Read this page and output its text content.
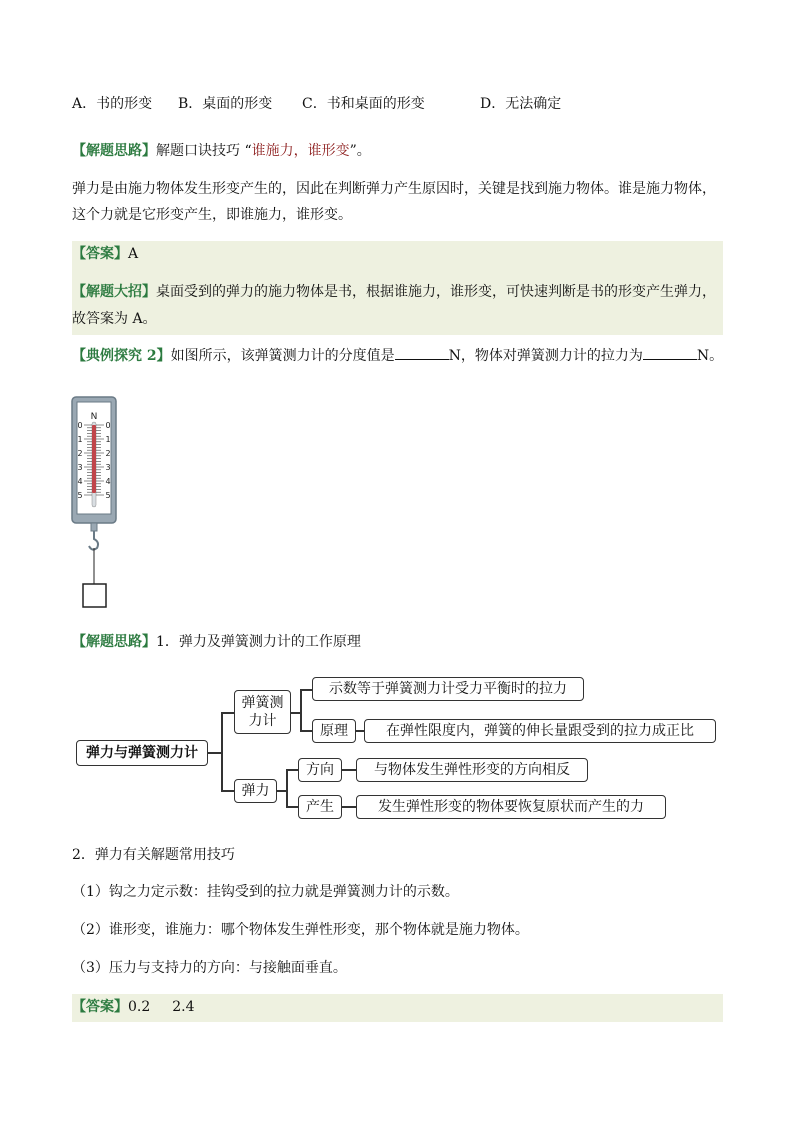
A．书的形变 B．桌面的形变 C．书和桌面的形变	D．无法确定
【解题思路】解题口诀技巧 “谁施力，谁形变”。
弹力是由施力物体发生形变产生的，因此在判断弹力产生原因时，关键是找到施力物体。谁是施力物体，
这个力就是它形变产生，即谁施力，谁形变。
【答案】A
【解题大招】桌面受到的弹力的施力物体是书，根据谁施力，谁形变，可快速判断是书的形变产生弹力，
故答案为 A。
【典例探究 2】如图所示，该弹簧测力计的分度值是	N，物体对弹簧测力计的拉力为	N。
0	0
1	1
2	2
3	3
4	4
5	5
N
【解题思路】1．弹力及弹簧测力计的工作原理
弹力与弹簧测力计
弹簧测
力计
示数等于弹簧测力计受力平衡时的拉力
原理	在弹性限度内，弹簧的伸长量跟受到的拉力成正比
弹力
方向	与物体发生弹性形变的方向相反
产生	发生弹性形变的物体要恢复原状而产生的力
2．弹力有关解题常用技巧
（1）钩之力定示数：挂钩受到的拉力就是弹簧测力计的示数。
（2）谁形变，谁施力：哪个物体发生弹性形变，那个物体就是施力物体。
（3）压力与支持力的方向：与接触面垂直。
【答案】0.2 2.4
